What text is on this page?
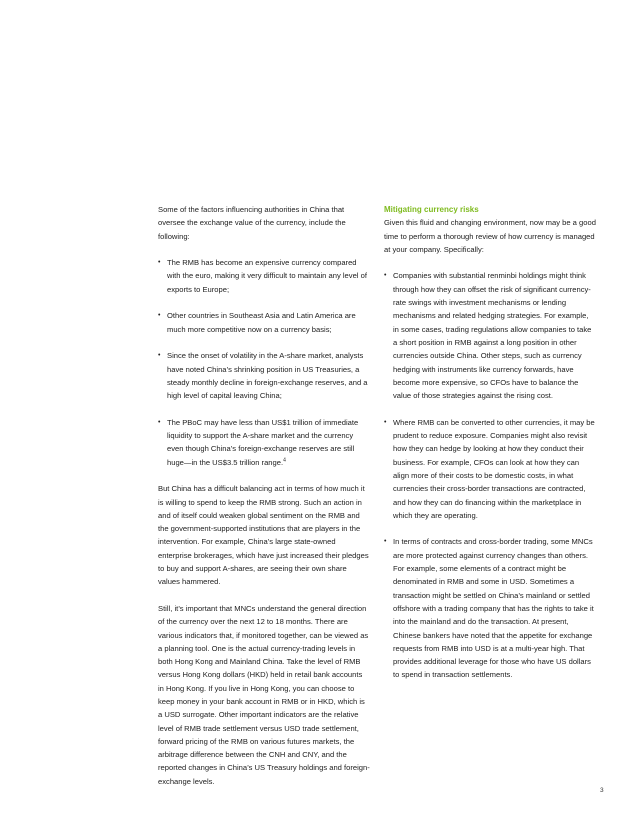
Some of the factors influencing authorities in China that oversee the exchange value of the currency, include the following:

• The RMB has become an expensive currency compared with the euro, making it very difficult to maintain any level of exports to Europe;
• Other countries in Southeast Asia and Latin America are much more competitive now on a currency basis;
• Since the onset of volatility in the A-share market, analysts have noted China’s shrinking position in US Treasuries, a steady monthly decline in foreign-exchange reserves, and a high level of capital leaving China;
• The PBoC may have less than US$1 trillion of immediate liquidity to support the A-share market and the currency even though China’s foreign-exchange reserves are still huge—in the US$3.5 trillion range.$^4$

But China has a difficult balancing act in terms of how much it is willing to spend to keep the RMB strong. Such an action in and of itself could weaken global sentiment on the RMB and the government-supported institutions that are players in the intervention. For example, China’s large state-owned enterprise brokerages, which have just increased their pledges to buy and support A-shares, are seeing their own share values hammered.

Still, it’s important that MNCs understand the general direction of the currency over the next 12 to 18 months. There are various indicators that, if monitored together, can be viewed as a planning tool. One is the actual currency-trading levels in both Hong Kong and Mainland China. Take the level of RMB versus Hong Kong dollars (HKD) held in retail bank accounts in Hong Kong. If you live in Hong Kong, you can choose to keep money in your bank account in RMB or in HKD, which is a USD surrogate. Other important indicators are the relative level of RMB trade settlement versus USD trade settlement, forward pricing of the RMB on various futures markets, the arbitrage difference between the CNH and CNY, and the reported changes in China’s US Treasury holdings and foreign-exchange levels.

Mitigating currency risks

Given this fluid and changing environment, now may be a good time to perform a thorough review of how currency is managed at your company. Specifically:

• Companies with substantial renminbi holdings might think through how they can offset the risk of significant currency-rate swings with investment mechanisms or lending mechanisms and related hedging strategies. For example, in some cases, trading regulations allow companies to take a short position in RMB against a long position in other currencies outside China. Other steps, such as currency hedging with instruments like currency forwards, have become more expensive, so CFOs have to balance the value of those strategies against the rising cost.
• Where RMB can be converted to other currencies, it may be prudent to reduce exposure. Companies might also revisit how they can hedge by looking at how they conduct their business. For example, CFOs can look at how they can align more of their costs to be domestic costs, in what currencies their cross-border transactions are contracted, and how they can do financing within the marketplace in which they are operating.
• In terms of contracts and cross-border trading, some MNCs are more protected against currency changes than others. For example, some elements of a contract might be denominated in RMB and some in USD. Sometimes a transaction might be settled on China’s mainland or settled offshore with a trading company that has the rights to take it into the mainland and do the transaction. At present, Chinese bankers have noted that the appetite for exchange requests from RMB into USD is at a multi-year high. That provides additional leverage for those who have US dollars to spend in transaction settlements.
3
